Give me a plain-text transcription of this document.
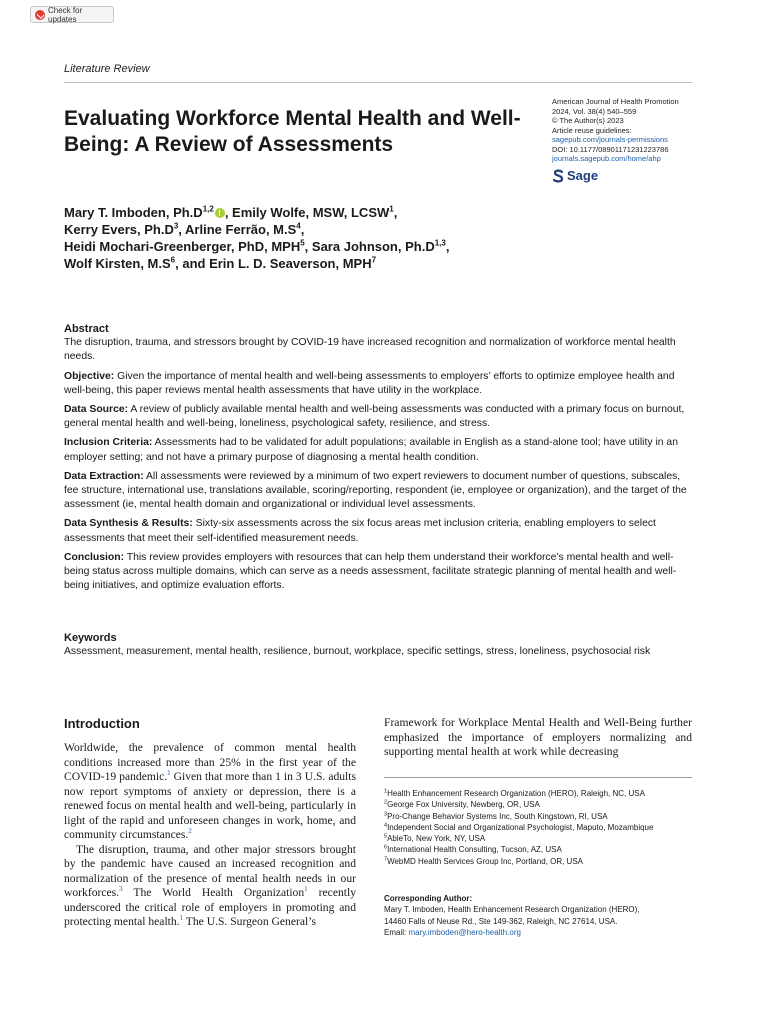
Check for updates
Literature Review
Evaluating Workforce Mental Health and Well-Being: A Review of Assessments
American Journal of Health Promotion
2024, Vol. 38(4) 540–559
© The Author(s) 2023
Article reuse guidelines:
sagepub.com/journals-permissions
DOI: 10.1177/08901171231223786
journals.sagepub.com/home/ahp
Sage
Mary T. Imboden, $Ph.D^{1,2}$ , Emily Wolfe, MSW, LCSW$^1$,
Kerry Evers, $Ph.D^3$, Arline Ferrão, $M.S^4$,
Heidi Mochari-Greenberger, PhD, MPH$^5$, Sara Johnson, $Ph.D^{1,3}$,
Wolf Kirsten, $M.S^6$, and Erin L. D. Seaverson, MPH$^7$
Abstract

The disruption, trauma, and stressors brought by COVID-19 have increased recognition and normalization of workforce mental health needs.

Objective: Given the importance of mental health and well-being assessments to employers’ efforts to optimize employee health and well-being, this paper reviews mental health assessments that have utility in the workplace.

Data Source: A review of publicly available mental health and well-being assessments was conducted with a primary focus on burnout, general mental health and well-being, loneliness, psychological safety, resilience, and stress.

Inclusion Criteria: Assessments had to be validated for adult populations; available in English as a stand-alone tool; have utility in an employer setting; and not have a primary purpose of diagnosing a mental health condition.

Data Extraction: All assessments were reviewed by a minimum of two expert reviewers to document number of questions, subscales, fee structure, international use, translations available, scoring/reporting, respondent (ie, employee or organization), and the target of the assessment (ie, mental health domain and organizational or individual level assessments.

Data Synthesis & Results: Sixty-six assessments across the six focus areas met inclusion criteria, enabling employers to select assessments that meet their self-identified measurement needs.

Conclusion: This review provides employers with resources that can help them understand their workforce’s mental health and well-being status across multiple domains, which can serve as a needs assessment, facilitate strategic planning of mental health and well-being initiatives, and optimize evaluation efforts.

Keywords
Assessment, measurement, mental health, resilience, burnout, workplace, specific settings, stress, loneliness, psychosocial risk
Introduction

Worldwide, the prevalence of common mental health conditions increased more than 25% in the first year of the COVID-19 pandemic.$^1$ Given that more than 1 in 3 U.S. adults now report symptoms of anxiety or depression, there is a renewed focus on mental health and well-being, particularly in light of the rapid and unforeseen changes in work, home, and community circumstances.$^2$

The disruption, trauma, and other major stressors brought by the pandemic have caused an increased recognition and normalization of the presence of mental health needs in our workforces.$^3$ The World Health Organization$^1$ recently underscored the critical role of employers in promoting and protecting mental health.$^1$ The U.S. Surgeon General’s

Framework for Workplace Mental Health and Well-Being further emphasized the importance of employers normalizing and supporting mental health at work while decreasing
$^1$Health Enhancement Research Organization (HERO), Raleigh, NC, USA
$^2$George Fox University, Newberg, OR, USA
$^3$Pro-Change Behavior Systems Inc, South Kingstown, RI, USA
$^4$Independent Social and Organizational Psychologist, Maputo, Mozambique
$^5$AbleTo, New York, NY, USA
$^6$International Health Consulting, Tucson, AZ, USA
$^7$WebMD Health Services Group Inc, Portland, OR, USA
Corresponding Author:
Mary T. Imboden, Health Enhancement Research Organization (HERO),
14460 Falls of Neuse Rd., Ste 149-362, Raleigh, NC 27614, USA.
Email: mary.imboden@hero-health.org
